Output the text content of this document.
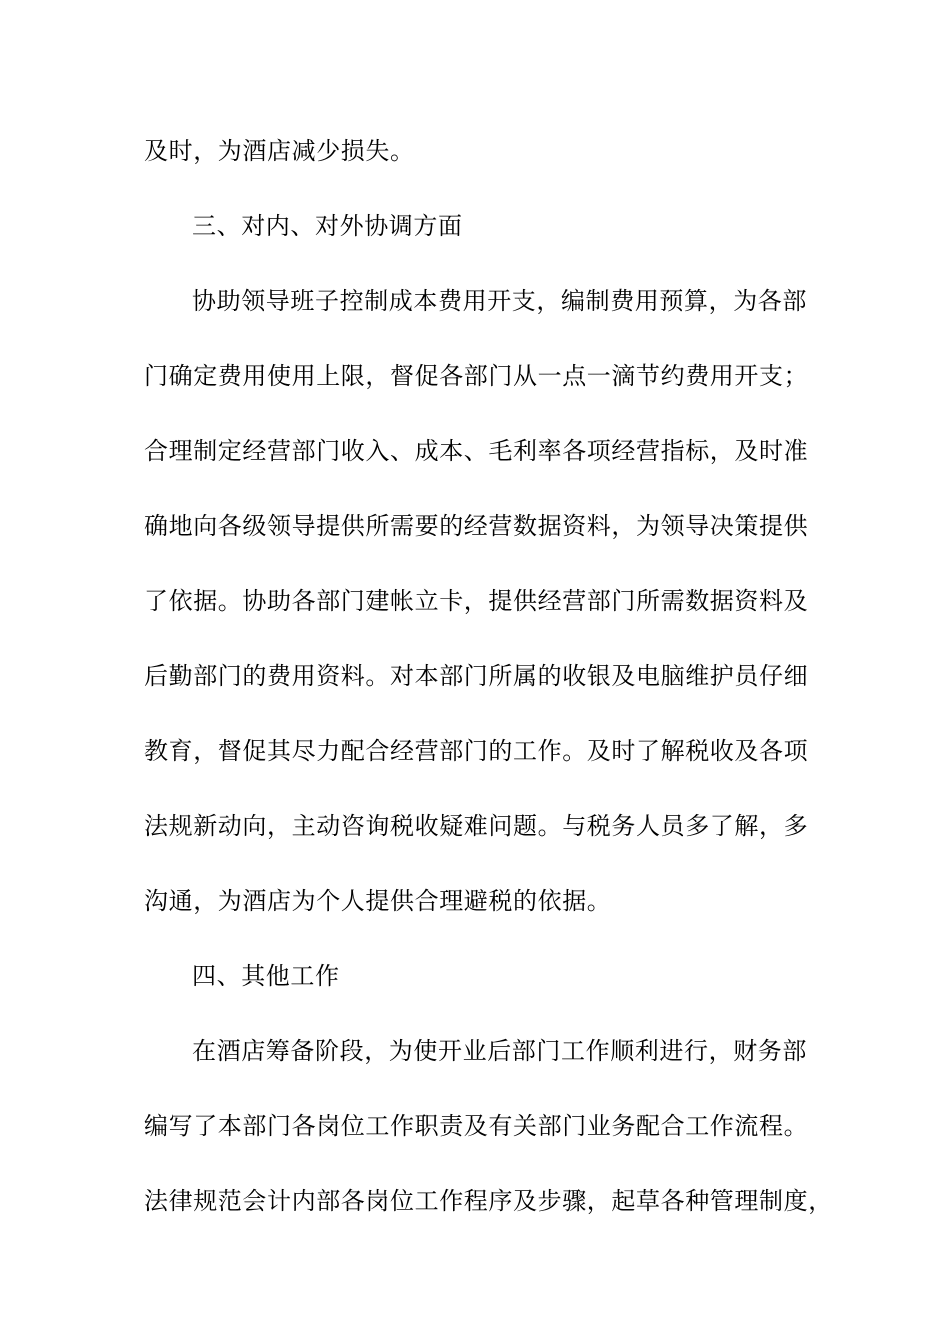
及时，为酒店减少损失。
三、对内、对外协调方面
协助领导班子控制成本费用开支，编制费用预算，为各部
门确定费用使用上限，督促各部门从一点一滴节约费用开支；
合理制定经营部门收入、成本、毛利率各项经营指标，及时准
确地向各级领导提供所需要的经营数据资料，为领导决策提供
了依据。协助各部门建帐立卡，提供经营部门所需数据资料及
后勤部门的费用资料。对本部门所属的收银及电脑维护员仔细
教育，督促其尽力配合经营部门的工作。及时了解税收及各项
法规新动向，主动咨询税收疑难问题。与税务人员多了解，多
沟通，为酒店为个人提供合理避税的依据。
四、其他工作
在酒店筹备阶段，为使开业后部门工作顺利进行，财务部
编写了本部门各岗位工作职责及有关部门业务配合工作流程。
法律规范会计内部各岗位工作程序及步骤，起草各种管理制度，
